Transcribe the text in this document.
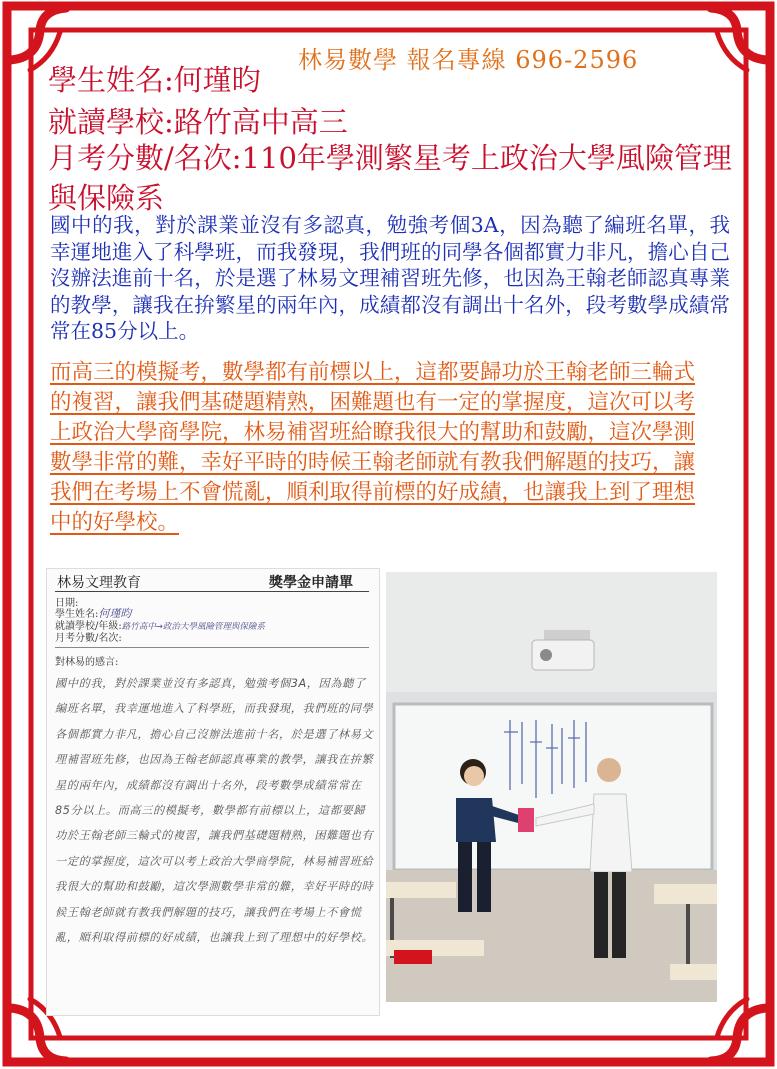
林易數學 報名專線 696-2596
學生姓名:何瑾昀
就讀學校:路竹高中高三
月考分數/名次:110年學測繁星考上政治大學風險管理與保險系
國中的我，對於課業並沒有多認真，勉強考個3A，因為聽了編班名單，我幸運地進入了科學班，而我發現，我們班的同學各個都實力非凡，擔心自己沒辦法進前十名，於是選了林易文理補習班先修，也因為王翰老師認真專業的教學，讓我在拚繁星的兩年內，成績都沒有調出十名外，段考數學成績常常在85分以上。
而高三的模擬考，數學都有前標以上，這都要歸功於王翰老師三輪式的複習，讓我們基礎題精熟，困難題也有一定的掌握度，這次可以考上政治大學商學院，林易補習班給瞭我很大的幫助和鼓勵，這次學測數學非常的難，幸好平時的時候王翰老師就有教我們解題的技巧，讓我們在考場上不會慌亂，順利取得前標的好成績，也讓我上到了理想中的好學校。
林易文理教育	獎學金申請單
日期:
學生姓名:何瑾昀
就讀學校/年級:路竹高中→政治大學風險管理與保險系
月考分數/名次:
對林易的感言:
國中的我，對於課業並沒有多認真，勉強考個3A，因為聽了編班名單，我幸運地進入了科學班，而我發現，我們班的同學各個都實力非凡，擔心自己沒辦法進前十名，於是選了林易文理補習班先修，也因為王翰老師認真專業的教學，讓我在拚繁星的兩年內，成績都沒有調出十名外，段考數學成績常常在85分以上。而高三的模擬考，數學都有前標以上，這都要歸功於王翰老師三輪式的複習，讓我們基礎題精熟，困難題也有一定的掌握度，這次可以考上政治大學商學院，林易補習班給我很大的幫助和鼓勵，這次學測數學非常的難，幸好平時的時候王翰老師就有教我們解題的技巧，讓我們在考場上不會慌亂，順利取得前標的好成績，也讓我上到了理想中的好學校。
